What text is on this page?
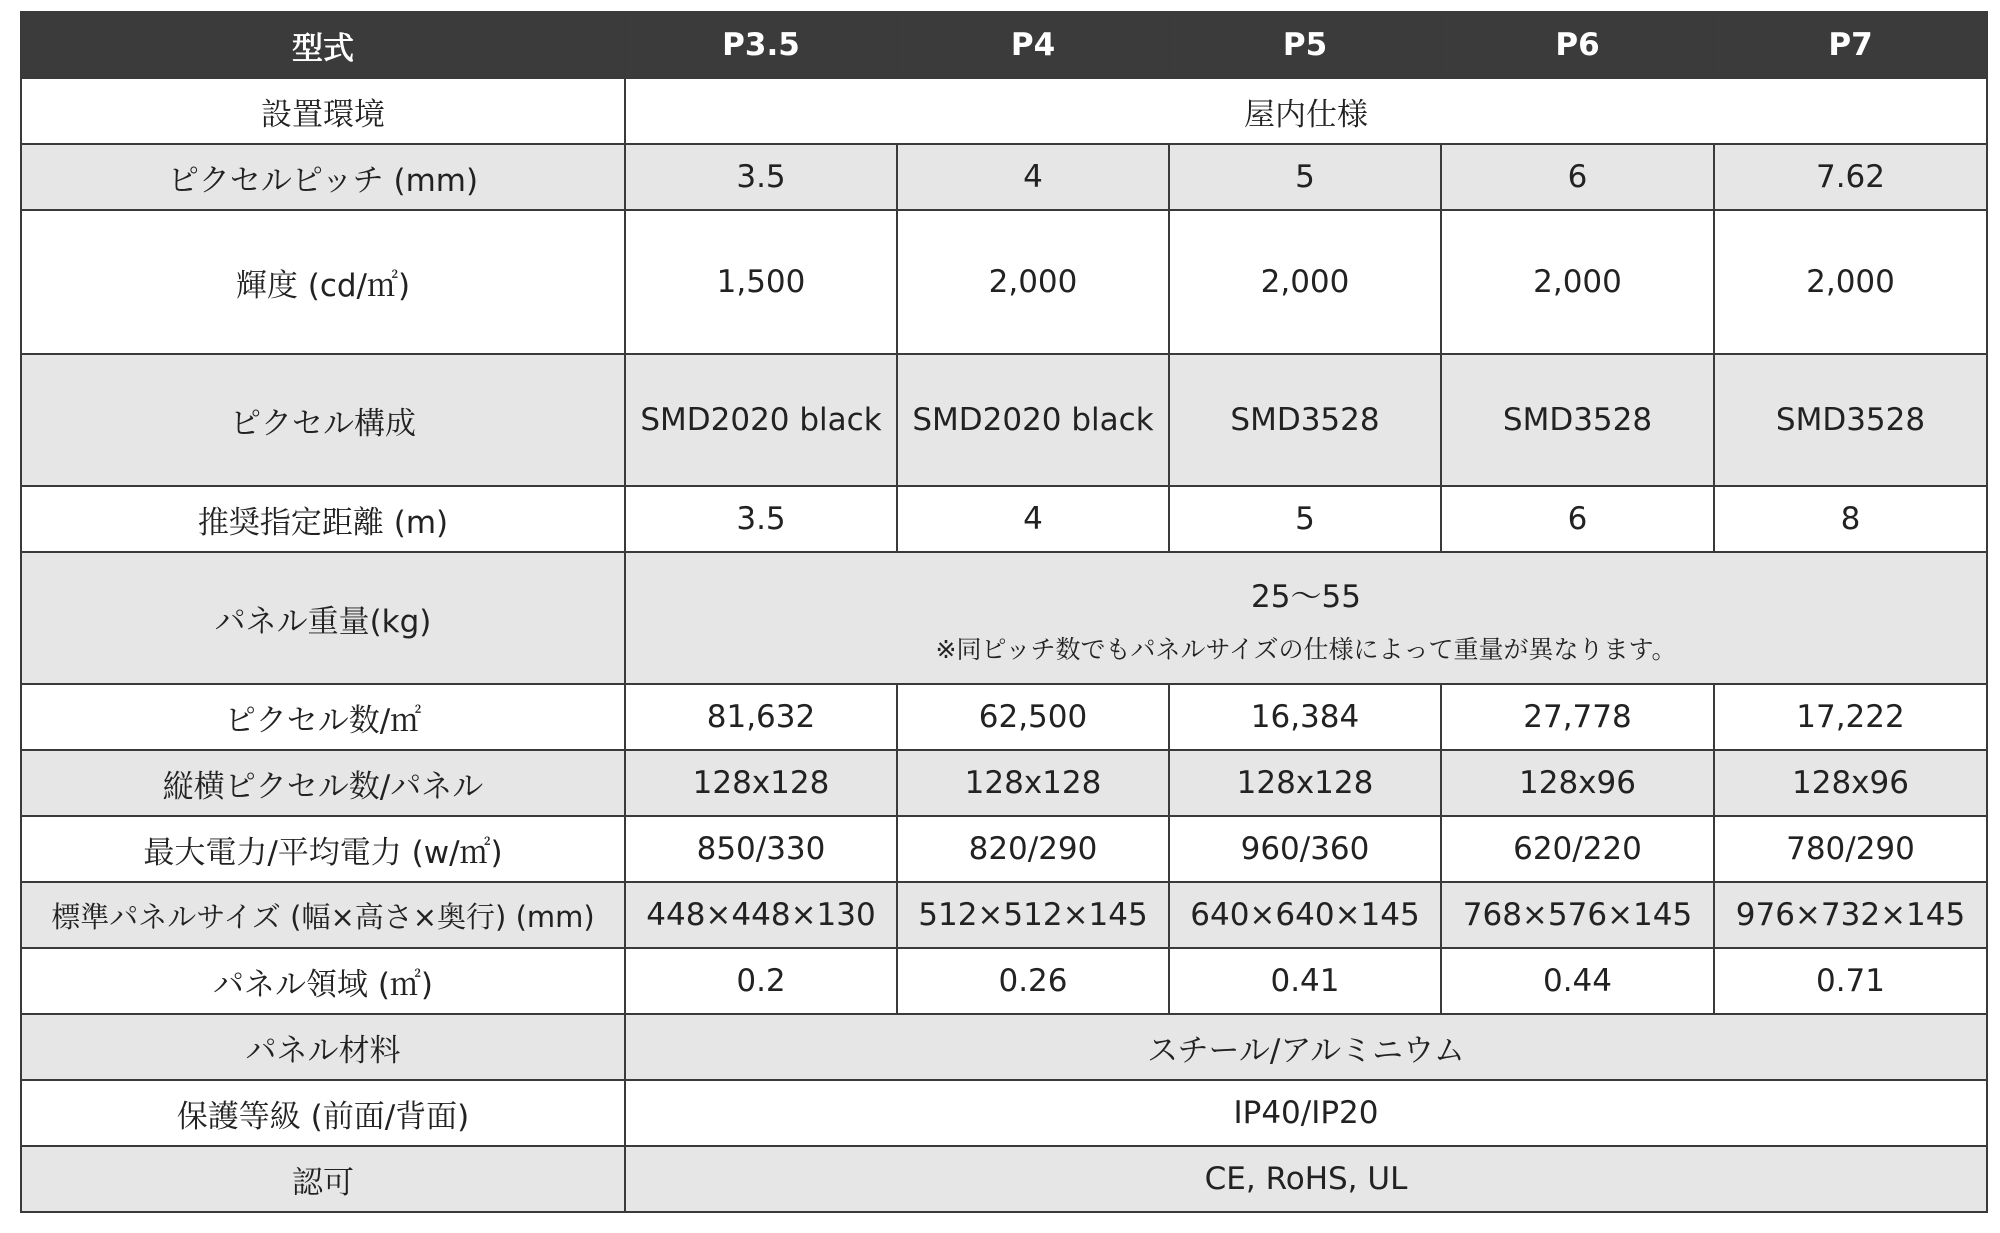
型式	P3.5	P4	P5	P6	P7
設置環境	屋内仕様				
ピクセルピッチ (mm)	3.5	4	5	6	7.62
輝度 (cd/㎡)	1,500	2,000	2,000	2,000	2,000
ピクセル構成	SMD2020 black	SMD2020 black	SMD3528	SMD3528	SMD3528
推奨指定距離 (m)	3.5	4	5	6	8
パネル重量(kg)	25～55
※同ピッチ数でもパネルサイズの仕様によって重量が異なります。				

ピクセル数/㎡	81,632	62,500	16,384	27,778	17,222
縦横ピクセル数/パネル	128x128	128x128	128x128	128x96	128x96
最大電力/平均電力 (w/㎡)	850/330	820/290	960/360	620/220	780/290
標準パネルサイズ (幅×高さ×奥行) (mm)	448×448×130	512×512×145	640×640×145	768×576×145	976×732×145
パネル領域 (㎡)	0.2	0.26	0.41	0.44	0.71
パネル材料	スチール/アルミニウム				
保護等級 (前面/背面)	IP40/IP20				
認可	CE, RoHS, UL				
